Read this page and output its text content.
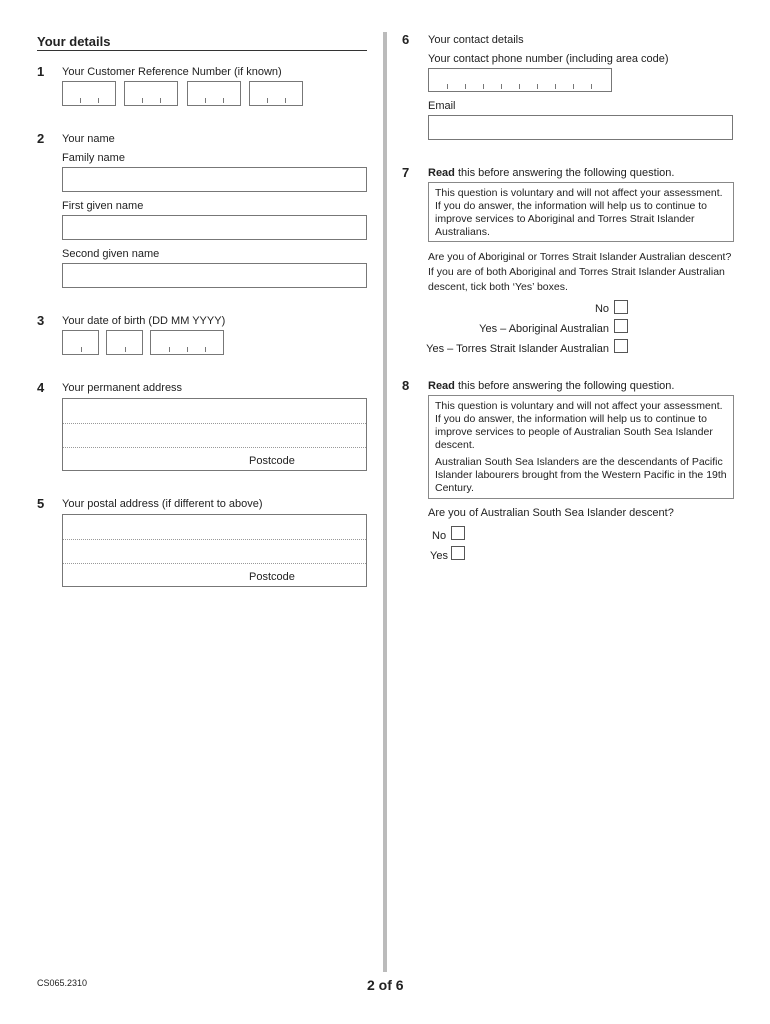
Your details
1 Your Customer Reference Number (if known)
2 Your name
Family name
First given name
Second given name
3 Your date of birth (DD MM YYYY)
4 Your permanent address
Postcode
5 Your postal address (if different to above)
Postcode
6 Your contact details
Your contact phone number (including area code)
Email
7 Read this before answering the following question.

This question is voluntary and will not affect your assessment. If you do answer, the information will help us to continue to improve services to Aboriginal and Torres Strait Islander Australians.

Are you of Aboriginal or Torres Strait Islander Australian descent? If you are of both Aboriginal and Torres Strait Islander Australian descent, tick both ‘Yes’ boxes.
No
Yes – Aboriginal Australian
Yes – Torres Strait Islander Australian
8 Read this before answering the following question.

This question is voluntary and will not affect your assessment. If you do answer, the information will help us to continue to improve services to people of Australian South Sea Islander descent.

Australian South Sea Islanders are the descendants of Pacific Islander labourers brought from the Western Pacific in the 19th Century.

Are you of Australian South Sea Islander descent?
No
Yes
CS065.2310	2 of 6
